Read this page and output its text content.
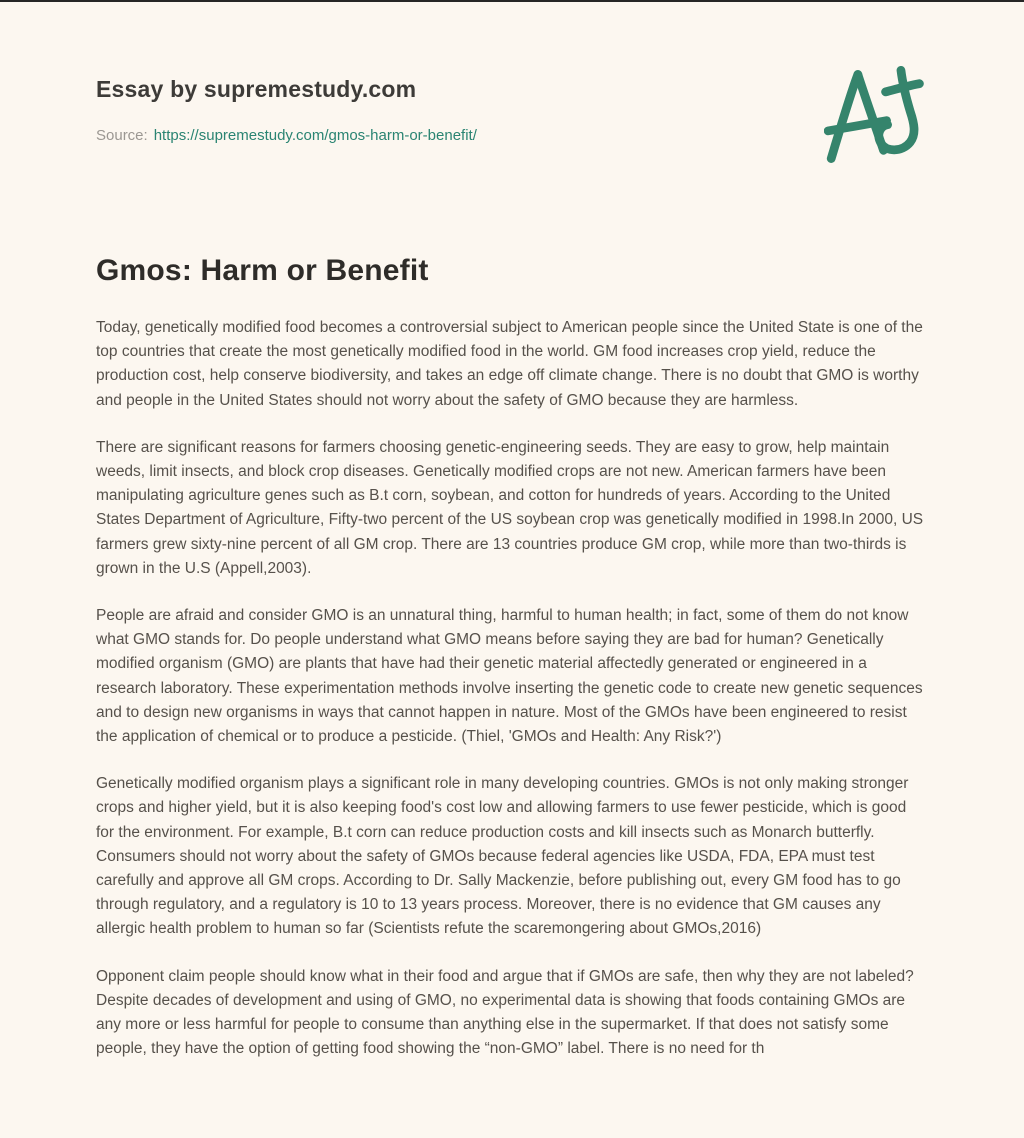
Essay by supremestudy.com
Source: https://supremestudy.com/gmos-harm-or-benefit/
Gmos: Harm or Benefit

Today, genetically modified food becomes a controversial subject to American people since the United State is one of the top countries that create the most genetically modified food in the world. GM food increases crop yield, reduce the production cost, help conserve biodiversity, and takes an edge off climate change. There is no doubt that GMO is worthy and people in the United States should not worry about the safety of GMO because they are harmless.

There are significant reasons for farmers choosing genetic-engineering seeds. They are easy to grow, help maintain weeds, limit insects, and block crop diseases. Genetically modified crops are not new. American farmers have been manipulating agriculture genes such as B.t corn, soybean, and cotton for hundreds of years. According to the United States Department of Agriculture, Fifty-two percent of the US soybean crop was genetically modified in 1998.In 2000, US farmers grew sixty-nine percent of all GM crop. There are 13 countries produce GM crop, while more than two-thirds is grown in the U.S (Appell,2003).

People are afraid and consider GMO is an unnatural thing, harmful to human health; in fact, some of them do not know what GMO stands for. Do people understand what GMO means before saying they are bad for human? Genetically modified organism (GMO) are plants that have had their genetic material affectedly generated or engineered in a research laboratory. These experimentation methods involve inserting the genetic code to create new genetic sequences and to design new organisms in ways that cannot happen in nature. Most of the GMOs have been engineered to resist the application of chemical or to produce a pesticide. (Thiel, 'GMOs and Health: Any Risk?')

Genetically modified organism plays a significant role in many developing countries. GMOs is not only making stronger crops and higher yield, but it is also keeping food's cost low and allowing farmers to use fewer pesticide, which is good for the environment. For example, B.t corn can reduce production costs and kill insects such as Monarch butterfly. Consumers should not worry about the safety of GMOs because federal agencies like USDA, FDA, EPA must test carefully and approve all GM crops. According to Dr. Sally Mackenzie, before publishing out, every GM food has to go through regulatory, and a regulatory is 10 to 13 years process. Moreover, there is no evidence that GM causes any allergic health problem to human so far (Scientists refute the scaremongering about GMOs,2016)

Opponent claim people should know what in their food and argue that if GMOs are safe, then why they are not labeled? Despite decades of development and using of GMO, no experimental data is showing that foods containing GMOs are any more or less harmful for people to consume than anything else in the supermarket. If that does not satisfy some people, they have the option of getting food showing the “non-GMO” label. There is no need for th
